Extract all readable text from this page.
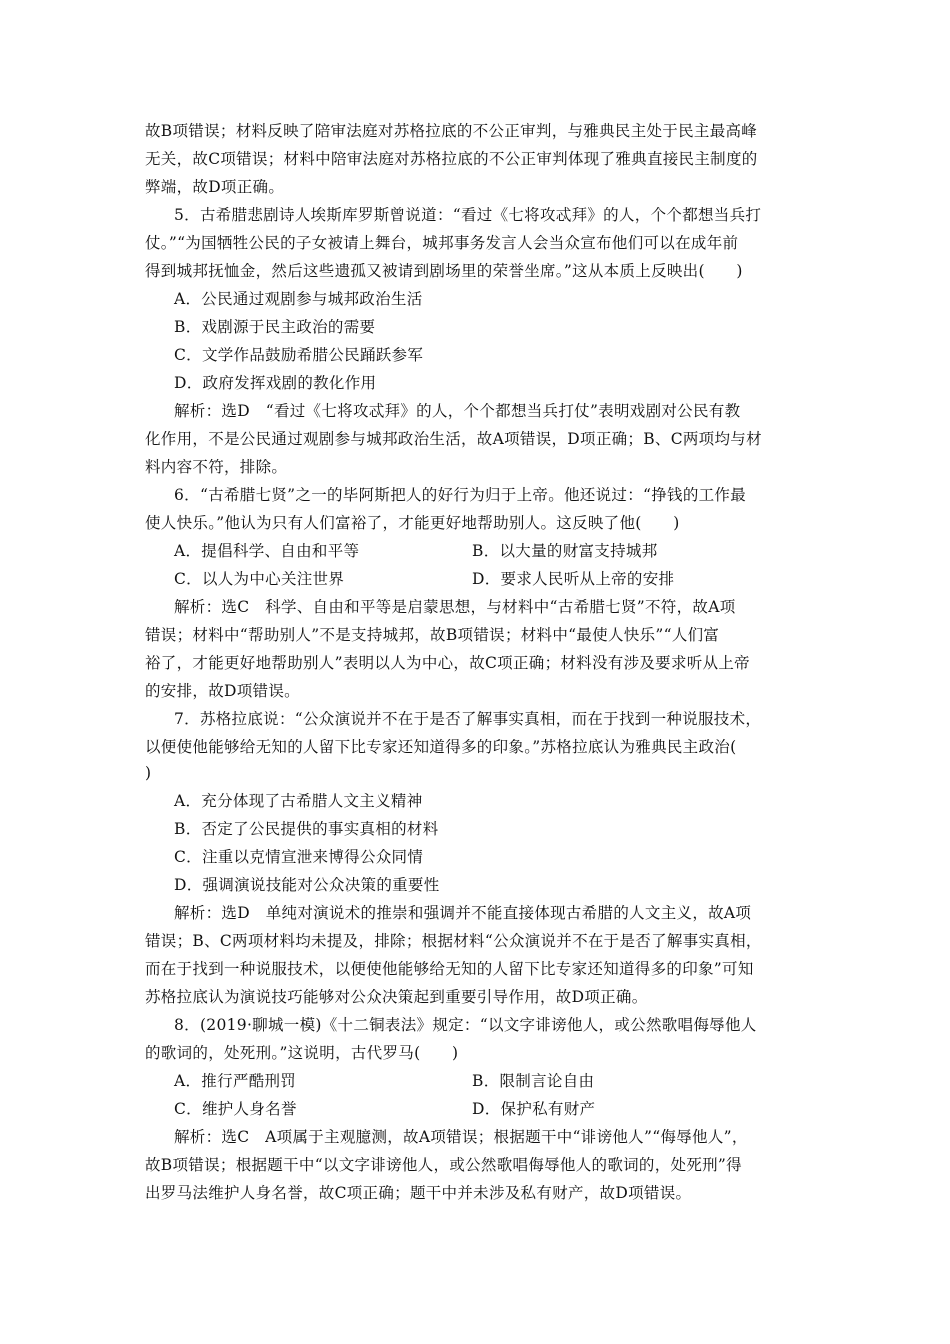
故B项错误；材料反映了陪审法庭对苏格拉底的不公正审判，与雅典民主处于民主最高峰
无关，故C项错误；材料中陪审法庭对苏格拉底的不公正审判体现了雅典直接民主制度的
弊端，故D项正确。
5．古希腊悲剧诗人埃斯库罗斯曾说道：“看过《七将攻忒拜》的人，个个都想当兵打
仗。”“为国牺牲公民的子女被请上舞台，城邦事务发言人会当众宣布他们可以在成年前
得到城邦抚恤金，然后这些遗孤又被请到剧场里的荣誉坐席。”这从本质上反映出(　　)
A．公民通过观剧参与城邦政治生活
B．戏剧源于民主政治的需要
C．文学作品鼓励希腊公民踊跃参军
D．政府发挥戏剧的教化作用
解析：选D　“看过《七将攻忒拜》的人，个个都想当兵打仗”表明戏剧对公民有教
化作用，不是公民通过观剧参与城邦政治生活，故A项错误，D项正确；B、C两项均与材
料内容不符，排除。
6．“古希腊七贤”之一的毕阿斯把人的好行为归于上帝。他还说过：“挣钱的工作最
使人快乐。”他认为只有人们富裕了，才能更好地帮助别人。这反映了他(　　)
A．提倡科学、自由和平等	B．以大量的财富支持城邦
C．以人为中心关注世界	D．要求人民听从上帝的安排
解析：选C　科学、自由和平等是启蒙思想，与材料中“古希腊七贤”不符，故A项
错误；材料中“帮助别人”不是支持城邦，故B项错误；材料中“最使人快乐”“人们富
裕了，才能更好地帮助别人”表明以人为中心，故C项正确；材料没有涉及要求听从上帝
的安排，故D项错误。
7．苏格拉底说：“公众演说并不在于是否了解事实真相，而在于找到一种说服技术，
以便使他能够给无知的人留下比专家还知道得多的印象。”苏格拉底认为雅典民主政治(
)
A．充分体现了古希腊人文主义精神
B．否定了公民提供的事实真相的材料
C．注重以克情宣泄来博得公众同情
D．强调演说技能对公众决策的重要性
解析：选D　单纯对演说术的推崇和强调并不能直接体现古希腊的人文主义，故A项
错误；B、C两项材料均未提及，排除；根据材料“公众演说并不在于是否了解事实真相，
而在于找到一种说服技术，以便使他能够给无知的人留下比专家还知道得多的印象”可知
苏格拉底认为演说技巧能够对公众决策起到重要引导作用，故D项正确。
8．(2019·聊城一模)《十二铜表法》规定：“以文字诽谤他人，或公然歌唱侮辱他人
的歌词的，处死刑。”这说明，古代罗马(　　)
A．推行严酷刑罚	B．限制言论自由
C．维护人身名誉	D．保护私有财产
解析：选C　A项属于主观臆测，故A项错误；根据题干中“诽谤他人”“侮辱他人”，
故B项错误；根据题干中“以文字诽谤他人，或公然歌唱侮辱他人的歌词的，处死刑”得
出罗马法维护人身名誉，故C项正确；题干中并未涉及私有财产，故D项错误。
